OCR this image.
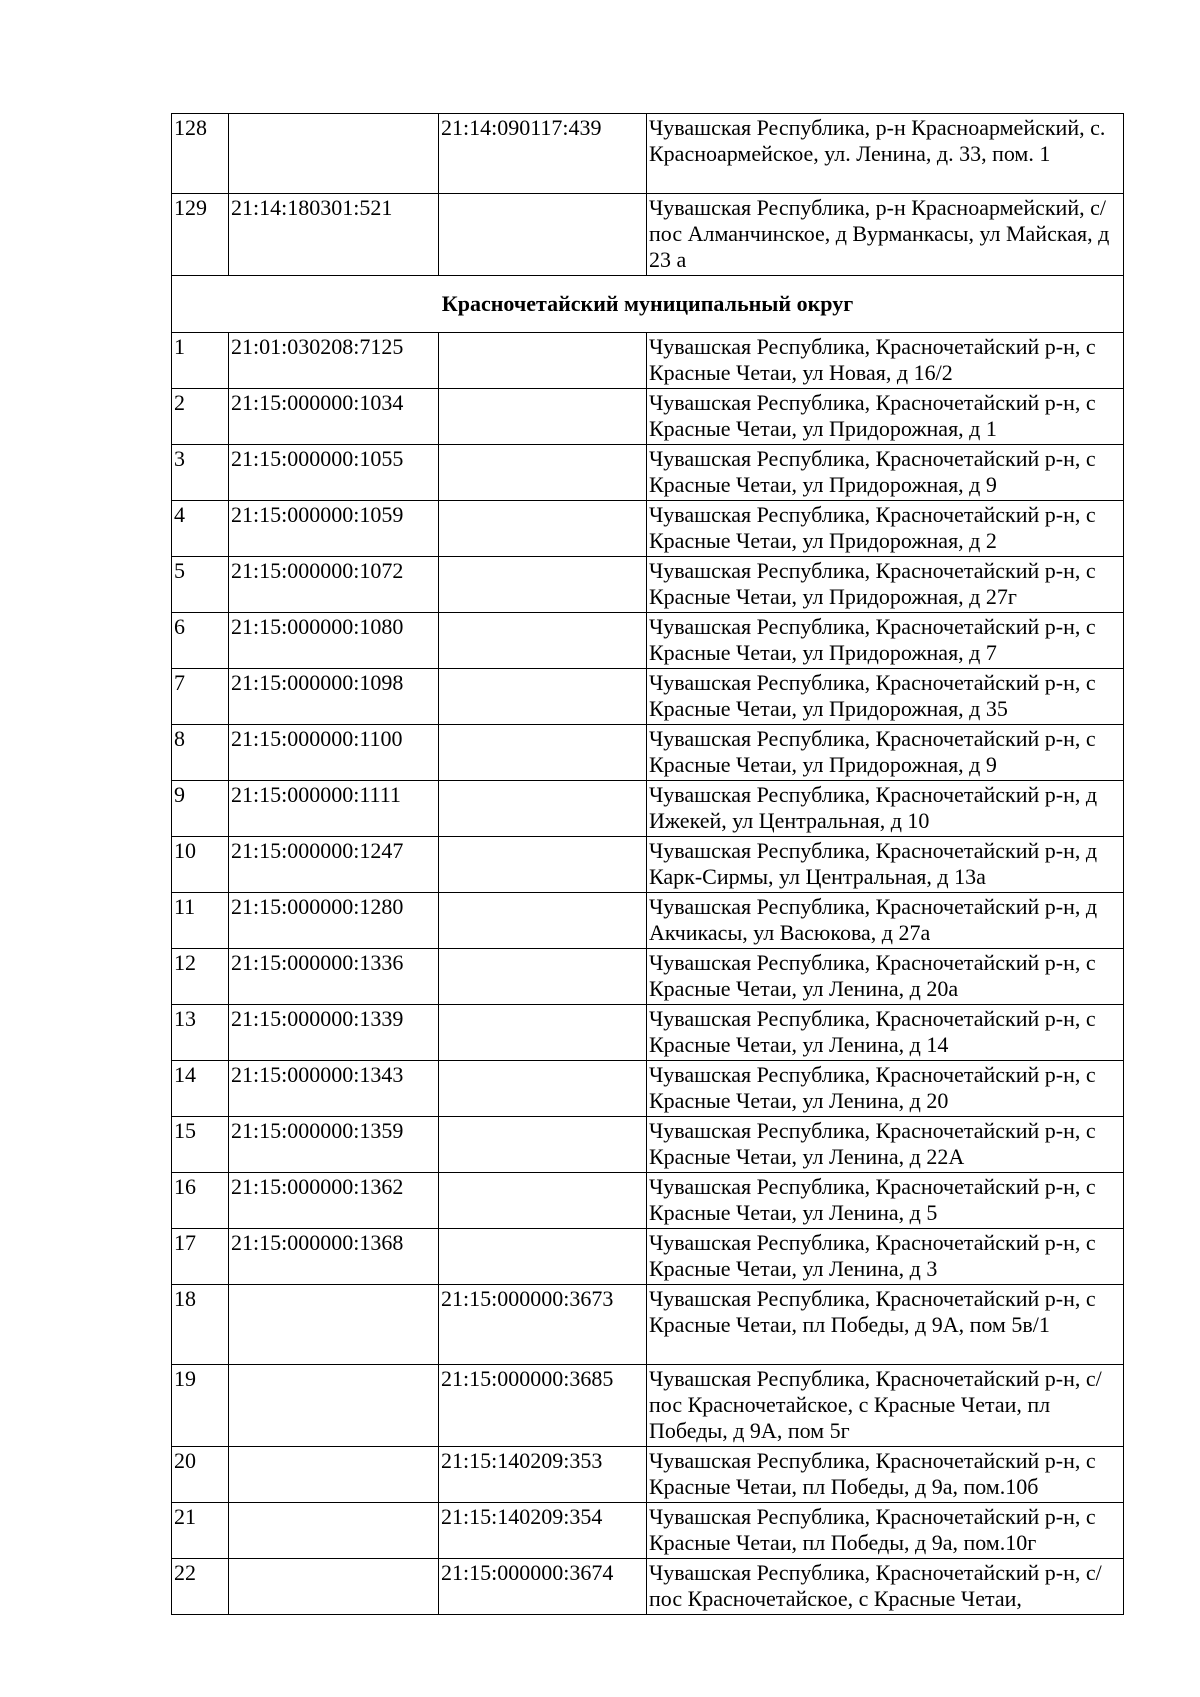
128		21:14:090117:439	Чувашская Республика, р-н Красноармейский, с. Красноармейское, ул. Ленина, д. 33, пом. 1
129	21:14:180301:521		Чувашская Республика, р-н Красноармейский, с/пос Алманчинское, д Вурманкасы, ул Майская, д 23 а
Красночетайский муниципальный округ			
1	21:01:030208:7125		Чувашская Республика, Красночетайский р-н, с Красные Четаи, ул Новая, д 16/2
2	21:15:000000:1034		Чувашская Республика, Красночетайский р-н, с Красные Четаи, ул Придорожная, д 1
3	21:15:000000:1055		Чувашская Республика, Красночетайский р-н, с Красные Четаи, ул Придорожная, д 9
4	21:15:000000:1059		Чувашская Республика, Красночетайский р-н, с Красные Четаи, ул Придорожная, д 2
5	21:15:000000:1072		Чувашская Республика, Красночетайский р-н, с Красные Четаи, ул Придорожная, д 27г
6	21:15:000000:1080		Чувашская Республика, Красночетайский р-н, с Красные Четаи, ул Придорожная, д 7
7	21:15:000000:1098		Чувашская Республика, Красночетайский р-н, с Красные Четаи, ул Придорожная, д 35
8	21:15:000000:1100		Чувашская Республика, Красночетайский р-н, с Красные Четаи, ул Придорожная, д 9
9	21:15:000000:1111		Чувашская Республика, Красночетайский р-н, д Ижекей, ул Центральная, д 10
10	21:15:000000:1247		Чувашская Республика, Красночетайский р-н, д Карк-Сирмы, ул Центральная, д 13а
11	21:15:000000:1280		Чувашская Республика, Красночетайский р-н, д Акчикасы, ул Васюкова, д 27а
12	21:15:000000:1336		Чувашская Республика, Красночетайский р-н, с Красные Четаи, ул Ленина, д 20а
13	21:15:000000:1339		Чувашская Республика, Красночетайский р-н, с Красные Четаи, ул Ленина, д 14
14	21:15:000000:1343		Чувашская Республика, Красночетайский р-н, с Красные Четаи, ул Ленина, д 20
15	21:15:000000:1359		Чувашская Республика, Красночетайский р-н, с Красные Четаи, ул Ленина, д 22А
16	21:15:000000:1362		Чувашская Республика, Красночетайский р-н, с Красные Четаи, ул Ленина, д 5
17	21:15:000000:1368		Чувашская Республика, Красночетайский р-н, с Красные Четаи, ул Ленина, д 3
18		21:15:000000:3673	Чувашская Республика, Красночетайский р-н, с Красные Четаи, пл Победы, д 9А, пом 5в/1
19		21:15:000000:3685	Чувашская Республика, Красночетайский р-н, с/пос Красночетайское, с Красные Четаи, пл Победы, д 9А, пом 5г
20		21:15:140209:353	Чувашская Республика, Красночетайский р-н, с Красные Четаи, пл Победы, д 9а, пом.10б
21		21:15:140209:354	Чувашская Республика, Красночетайский р-н, с Красные Четаи, пл Победы, д 9а, пом.10г
22		21:15:000000:3674	Чувашская Республика, Красночетайский р-н, с/пос Красночетайское, с Красные Четаи,
